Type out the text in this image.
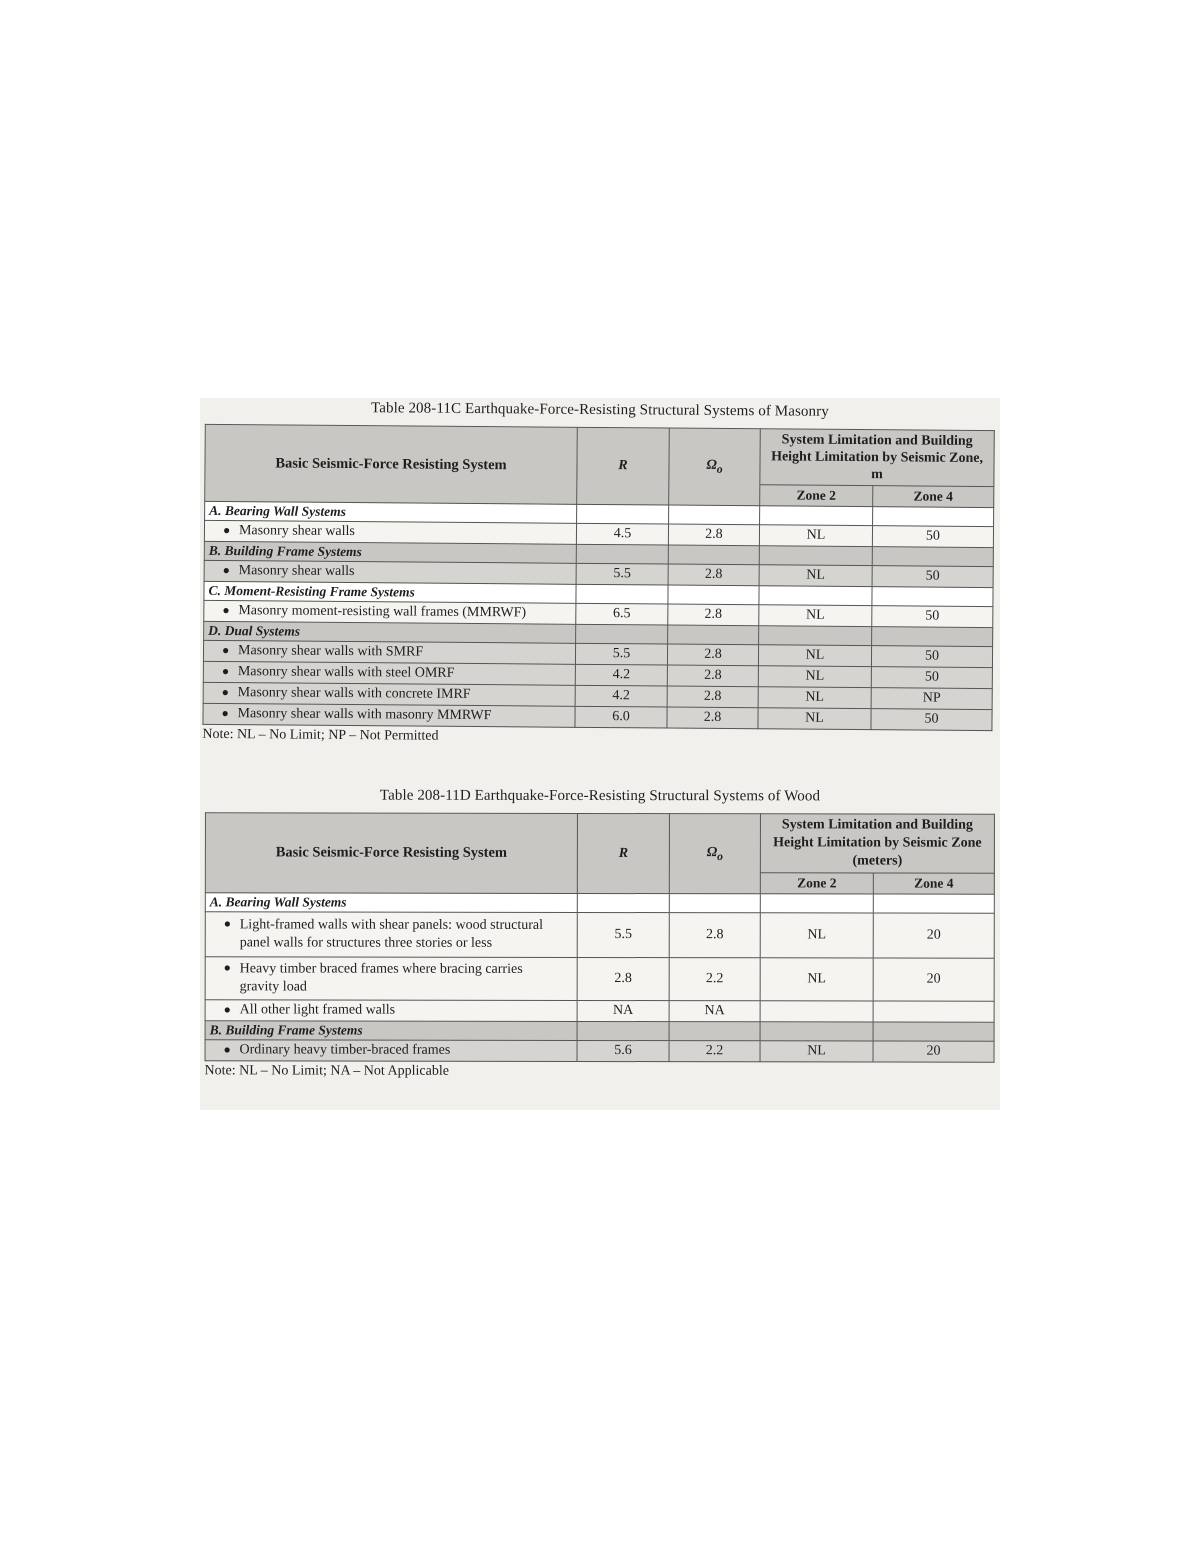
Table 208-11C Earthquake-Force-Resisting Structural Systems of Masonry
Basic Seismic-Force Resisting System	R	$\Omega_o$	System Limitation and Building Height Limitation by Seismic Zone, m	
			Zone 2	Zone 4
A. Bearing Wall Systems				
● Masonry shear walls	4.5	2.8	NL	50
B. Building Frame Systems				
● Masonry shear walls	5.5	2.8	NL	50
C. Moment-Resisting Frame Systems				
● Masonry moment-resisting wall frames (MMRWF)	6.5	2.8	NL	50
D. Dual Systems				
● Masonry shear walls with SMRF	5.5	2.8	NL	50
● Masonry shear walls with steel OMRF	4.2	2.8	NL	50
● Masonry shear walls with concrete IMRF	4.2	2.8	NL	NP
● Masonry shear walls with masonry MMRWF	6.0	2.8	NL	50
Note: NL – No Limit; NP – Not Permitted
Table 208-11D Earthquake-Force-Resisting Structural Systems of Wood
Basic Seismic-Force Resisting System	R	$\Omega_o$	System Limitation and Building Height Limitation by Seismic Zone (meters)	
			Zone 2	Zone 4
A. Bearing Wall Systems				
● Light-framed walls with shear panels: wood structural panel walls for structures three stories or less	5.5	2.8	NL	20
● Heavy timber braced frames where bracing carries gravity load	2.8	2.2	NL	20
● All other light framed walls	NA	NA		
B. Building Frame Systems				
● Ordinary heavy timber-braced frames	5.6	2.2	NL	20
Note: NL – No Limit; NA – Not Applicable
